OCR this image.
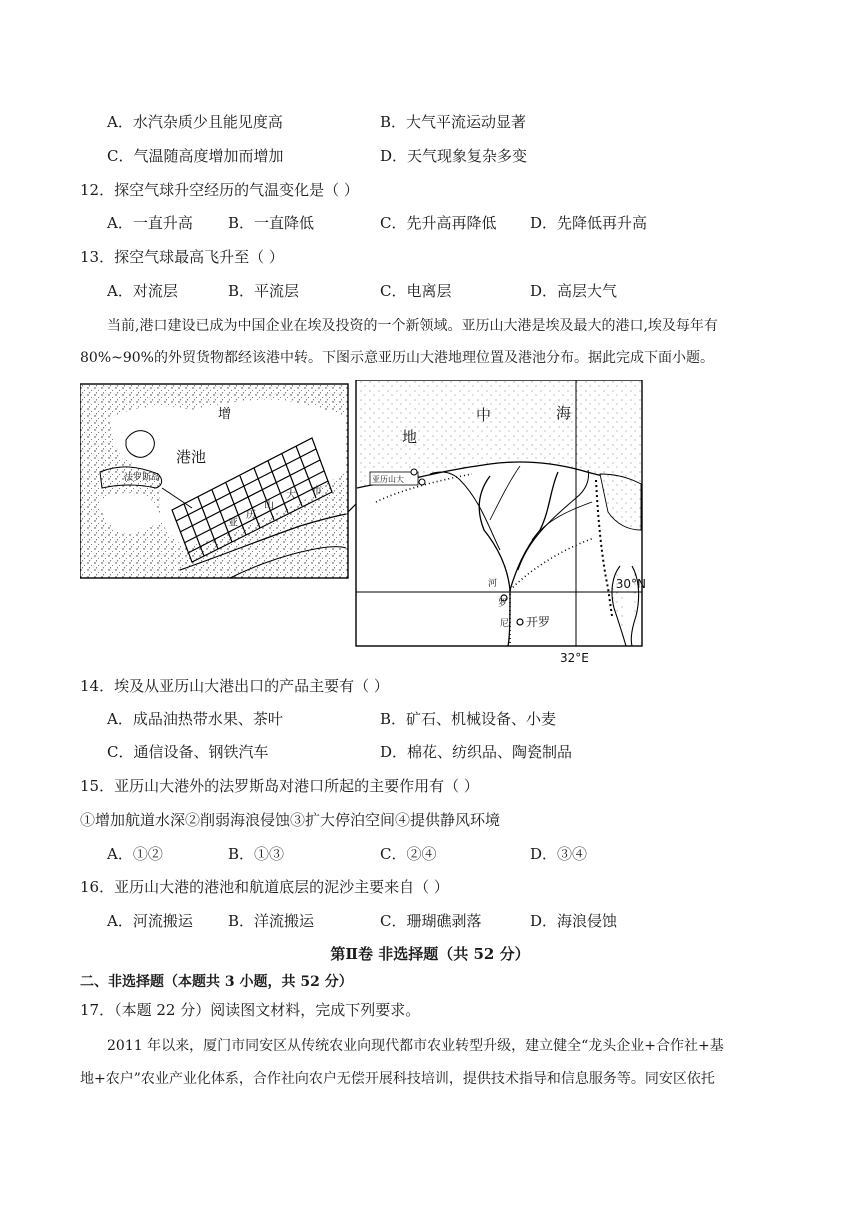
A．水汽杂质少且能见度高	B．大气平流运动显著
C．气温随高度增加而增加	D．天气现象复杂多变
12．探空气球升空经历的气温变化是（ ）
A．一直升高 B．一直降低	C．先升高再降低 D．先降低再升高
13．探空气球最高飞升至（ ）
A．对流层	B．平流层	C．电离层	D．高层大气
当前,港口建设已成为中国企业在埃及投资的一个新领域。亚历山大港是埃及最大的港口,埃及每年有
80%~90%的外贸货物都经该港中转。下图示意亚历山大港地理位置及港池分布。据此完成下面小题。
增
港池
法罗斯岛
亚
历
山
大 市
中	海
地
亚历山大
河
罗
尼 开罗
30°N
32°E
14．埃及从亚历山大港出口的产品主要有（ ）
A．成品油热带水果、茶叶	B．矿石、机械设备、小麦
C．通信设备、钢铁汽车	D．棉花、纺织品、陶瓷制品
15．亚历山大港外的法罗斯岛对港口所起的主要作用有（ ）
①增加航道水深②削弱海浪侵蚀③扩大停泊空间④提供静风环境
A．①②	B．①③	C．②④	D．③④
16．亚历山大港的港池和航道底层的泥沙主要来自（ ）
A．河流搬运 B．洋流搬运	C．珊瑚礁剥落	D．海浪侵蚀
第Ⅱ卷 非选择题（共 52 分）
二、非选择题（本题共 3 小题，共 52 分）
17．（本题 22 分）阅读图文材料，完成下列要求。
2011 年以来，厦门市同安区从传统农业向现代都市农业转型升级，建立健全“龙头企业+合作社+基
地+农户”农业产业化体系，合作社向农户无偿开展科技培训，提供技术指导和信息服务等。同安区依托
